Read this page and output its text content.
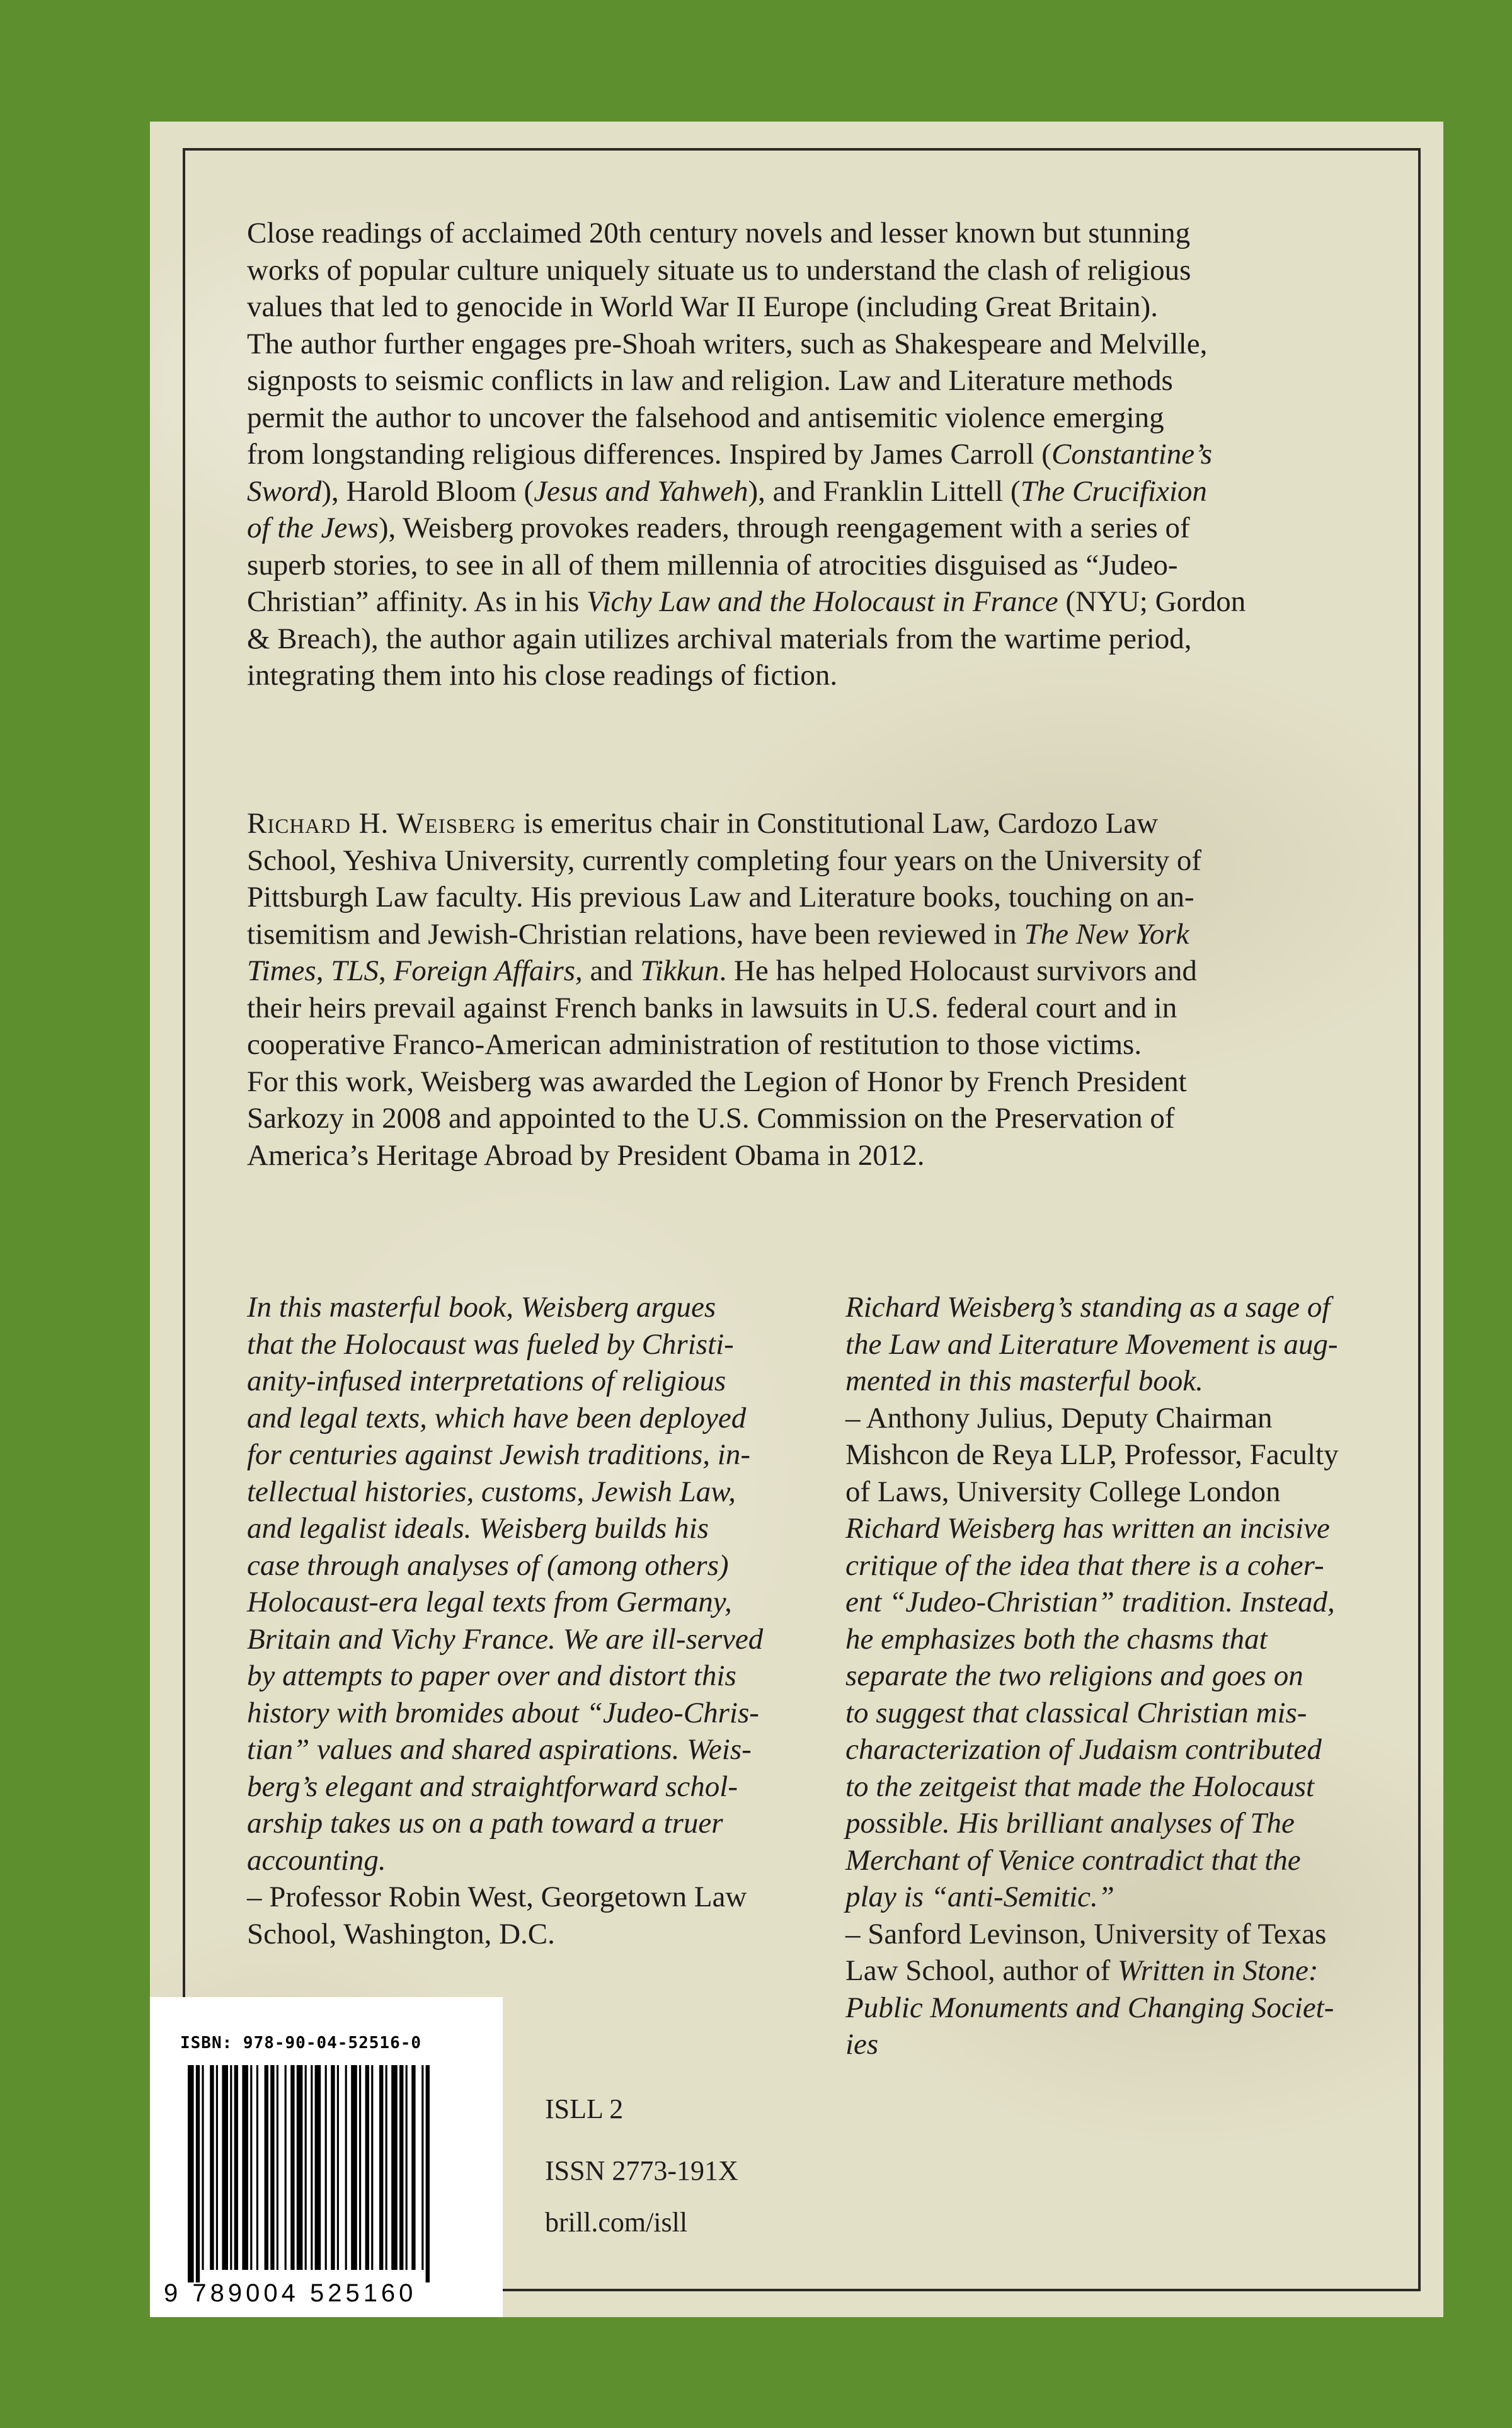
Close readings of acclaimed 20th century novels and lesser known but stunning
works of popular culture uniquely situate us to understand the clash of religious
values that led to genocide in World War II Europe (including Great Britain).
The author further engages pre-Shoah writers, such as Shakespeare and Melville,
signposts to seismic conflicts in law and religion. Law and Literature methods
permit the author to uncover the falsehood and antisemitic violence emerging
from longstanding religious differences. Inspired by James Carroll (Constantine’s
Sword), Harold Bloom (Jesus and Yahweh), and Franklin Littell (The Crucifixion
of the Jews), Weisberg provokes readers, through reengagement with a series of
superb stories, to see in all of them millennia of atrocities disguised as “Judeo-
Christian” affinity. As in his Vichy Law and the Holocaust in France (NYU; Gordon
& Breach), the author again utilizes archival materials from the wartime period,
integrating them into his close readings of fiction.
Richard H. Weisberg is emeritus chair in Constitutional Law, Cardozo Law
School, Yeshiva University, currently completing four years on the University of
Pittsburgh Law faculty. His previous Law and Literature books, touching on an-
tisemitism and Jewish-Christian relations, have been reviewed in The New York
Times, TLS, Foreign Affairs, and Tikkun. He has helped Holocaust survivors and
their heirs prevail against French banks in lawsuits in U.S. federal court and in
cooperative Franco-American administration of restitution to those victims.
For this work, Weisberg was awarded the Legion of Honor by French President
Sarkozy in 2008 and appointed to the U.S. Commission on the Preservation of
America’s Heritage Abroad by President Obama in 2012.
In this masterful book, Weisberg argues
that the Holocaust was fueled by Christi-
anity-infused interpretations of religious
and legal texts, which have been deployed
for centuries against Jewish traditions, in-
tellectual histories, customs, Jewish Law,
and legalist ideals. Weisberg builds his
case through analyses of (among others)
Holocaust-era legal texts from Germany,
Britain and Vichy France. We are ill-served
by attempts to paper over and distort this
history with bromides about “Judeo-Chris-
tian” values and shared aspirations. Weis-
berg’s elegant and straightforward schol-
arship takes us on a path toward a truer
accounting.
– Professor Robin West, Georgetown Law
School, Washington, D.C.
Richard Weisberg’s standing as a sage of
the Law and Literature Movement is aug-
mented in this masterful book.
– Anthony Julius, Deputy Chairman
Mishcon de Reya LLP, Professor, Faculty
of Laws, University College London
Richard Weisberg has written an incisive
critique of the idea that there is a coher-
ent “Judeo-Christian” tradition. Instead,
he emphasizes both the chasms that
separate the two religions and goes on
to suggest that classical Christian mis-
characterization of Judaism contributed
to the zeitgeist that made the Holocaust
possible. His brilliant analyses of The
Merchant of Venice contradict that the
play is “anti-Semitic.”
– Sanford Levinson, University of Texas
Law School, author of Written in Stone:
Public Monuments and Changing Societ-
ies
ISBN: 978-90-04-52516-0
9 789004 525160
ISLL 2
ISSN 2773-191X
brill.com/isll
